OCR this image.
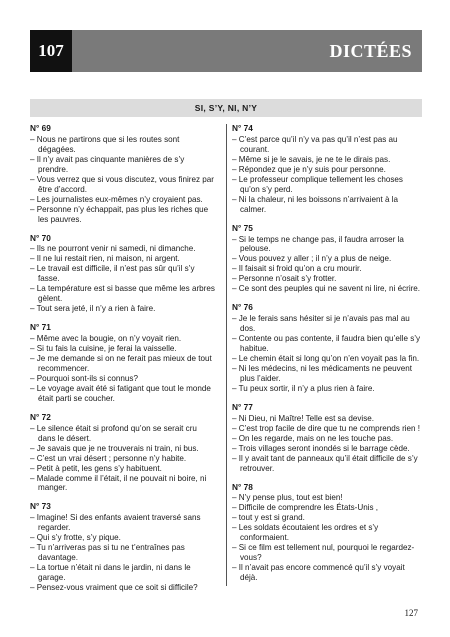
107	DICTÉES
SI, S’Y, NI, N’Y
N° 69
– Nous ne partirons que si les routes sont dégagées.
– Il n’y avait pas cinquante manières de s’y prendre.
– Vous verrez que si vous discutez, vous finirez par être d’accord.
– Les journalistes eux-mêmes n’y croyaient pas.
– Personne n’y échappait, pas plus les riches que les pauvres.
N° 70
– Ils ne pourront venir ni samedi, ni dimanche.
– Il ne lui restait rien, ni maison, ni argent.
– Le travail est difficile, il n’est pas sûr qu’il s’y fasse.
– La température est si basse que même les arbres gèlent.
– Tout sera jeté, il n’y a rien à faire.
N° 71
– Même avec la bougie, on n’y voyait rien.
– Si tu fais la cuisine, je ferai la vaisselle.
– Je me demande si on ne ferait pas mieux de tout recommencer.
– Pourquoi sont-ils si connus?
– Le voyage avait été si fatigant que tout le monde était parti se coucher.
N° 72
– Le silence était si profond qu’on se serait cru dans le désert.
– Je savais que je ne trouverais ni train, ni bus.
– C’est un vrai désert ; personne n’y habite.
– Petit à petit, les gens s’y habituent.
– Malade comme il l’était, il ne pouvait ni boire, ni manger.
N° 73
– Imagine! Si des enfants avaient traversé sans regarder.
– Qui s’y frotte, s’y pique.
– Tu n’arriveras pas si tu ne t’entraînes pas davantage.
– La tortue n’était ni dans le jardin, ni dans le garage.
– Pensez-vous vraiment que ce soit si difficile?
N° 74
– C’est parce qu’il n’y va pas qu’il n’est pas au courant.
– Même si je le savais, je ne te le dirais pas.
– Répondez que je n’y suis pour personne.
– Le professeur complique tellement les choses qu’on s’y perd.
– Ni la chaleur, ni les boissons n’arrivaient à la calmer.
N° 75
– Si le temps ne change pas, il faudra arroser la pelouse.
– Vous pouvez y aller ; il n’y a plus de neige.
– Il faisait si froid qu’on a cru mourir.
– Personne n’osait s’y frotter.
– Ce sont des peuples qui ne savent ni lire, ni écrire.
N° 76
– Je le ferais sans hésiter si je n’avais pas mal au dos.
– Contente ou pas contente, il faudra bien qu’elle s’y habitue.
– Le chemin était si long qu’on n’en voyait pas la fin.
– Ni les médecins, ni les médicaments ne peuvent plus l’aider.
– Tu peux sortir, il n’y a plus rien à faire.
N° 77
– Ni Dieu, ni Maître! Telle est sa devise.
– C’est trop facile de dire que tu ne comprends rien !
– On les regarde, mais on ne les touche pas.
– Trois villages seront inondés si le barrage cède.
– Il y avait tant de panneaux qu’il était difficile de s’y retrouver.
N° 78
– N’y pense plus, tout est bien!
– Difficile de comprendre les États-Unis ,
– tout y est si grand.
– Les soldats écoutaient les ordres et s’y conformaient.
– Si ce film est tellement nul, pourquoi le regardez-vous?
– Il n’avait pas encore commencé qu’il s’y voyait déjà.
127
